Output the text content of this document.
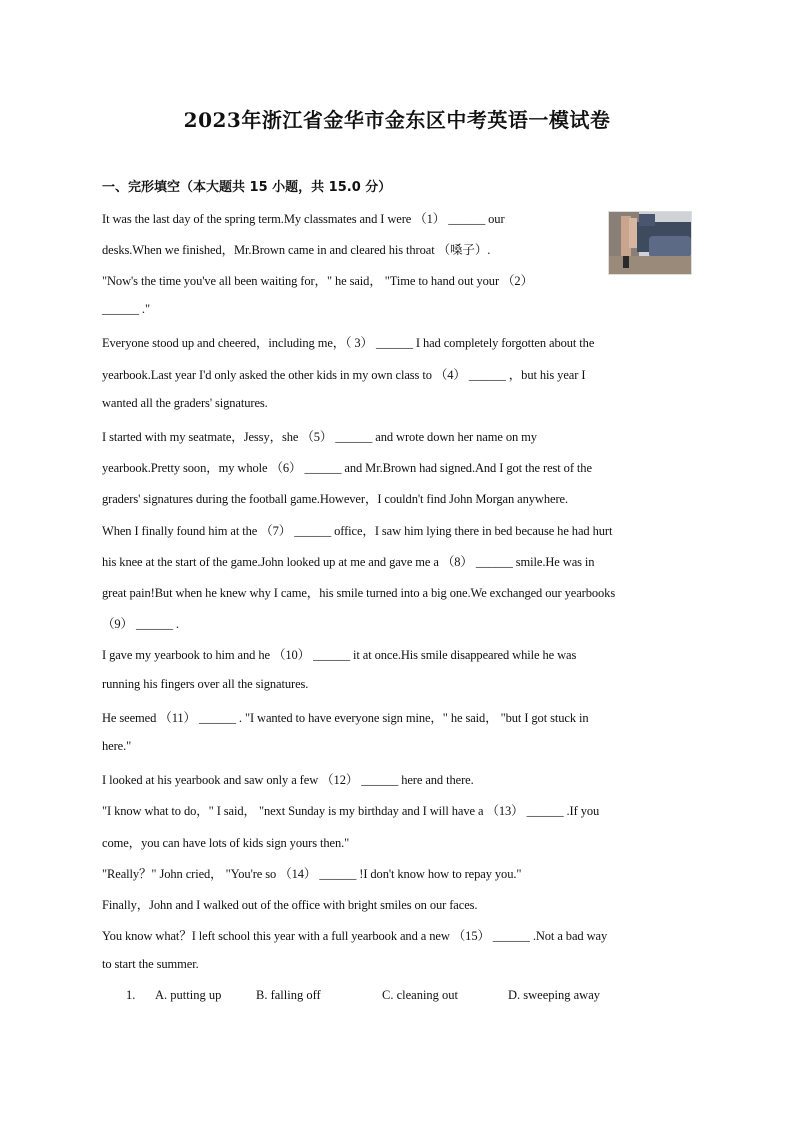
2023年浙江省金华市金东区中考英语一模试卷
一、完形填空（本大题共 15 小题，共 15.0 分）
It was the last day of the spring term.My classmates and I were （1） ______ our
desks.When we finished，Mr.Brown came in and cleared his throat （嗓子）.
"Now's the time you've all been waiting for，" he said， "Time to hand out your （2）
______ ."
Everyone stood up and cheered，including me，（ 3） ______ I had completely forgotten about the
yearbook.Last year I'd only asked the other kids in my own class to （4） ______ ，but his year I
wanted all the graders' signatures.
I started with my seatmate，Jessy，she （5） ______ and wrote down her name on my
yearbook.Pretty soon，my whole （6） ______ and Mr.Brown had signed.And I got the rest of the
graders' signatures during the football game.However，I couldn't find John Morgan anywhere.
When I finally found him at the （7） ______ office，I saw him lying there in bed because he had hurt
his knee at the start of the game.John looked up at me and gave me a （8） ______ smile.He was in
great pain!But when he knew why I came，his smile turned into a big one.We exchanged our yearbooks
（9） ______ .
I gave my yearbook to him and he （10） ______ it at once.His smile disappeared while he was
running his fingers over all the signatures.
He seemed （11） ______ . "I wanted to have everyone sign mine，" he said， "but I got stuck in
here."
I looked at his yearbook and saw only a few （12） ______ here and there.
"I know what to do，" I said， "next Sunday is my birthday and I will have a （13） ______ .If you
come，you can have lots of kids sign yours then."
"Really？" John cried， "You're so （14） ______ !I don't know how to repay you."
Finally，John and I walked out of the office with bright smiles on our faces.
You know what？I left school this year with a full yearbook and a new （15） ______ .Not a bad way
to start the summer.
1. A. putting up	B. falling off	C. cleaning out	D. sweeping away
